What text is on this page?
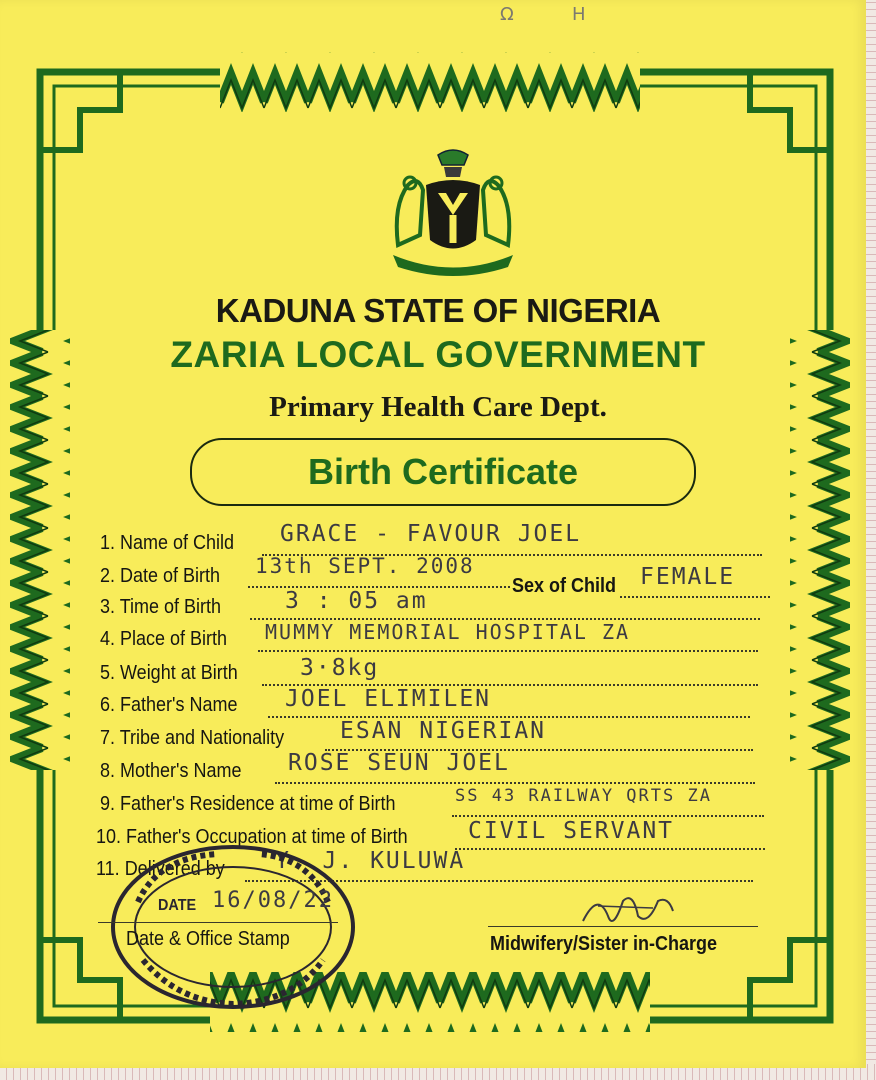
Ω	H
KADUNA STATE OF NIGERIA
ZARIA LOCAL GOVERNMENT
Primary Health Care Dept.
Birth Certificate
1. Name of Child GRACE - FAVOUR JOEL
2. Date of Birth 13th SEPT. 2008
Sex of Child FEMALE
3. Time of Birth	3 : 05 am
4. Place of Birth MUMMY MEMORIAL HOSPITAL ZA
5. Weight at Birth	3·8kg
6. Father's Name JOEL ELIMILEN
7. Tribe and Nationality ESAN NIGERIAN
8. Mother's Name ROSE SEUN JOEL
9. Father's Residence at time of Birth	SS 43 RAILWAY QRTS ZA
10. Father's Occupation at time of Birth	CIVIL SERVANT
11. Delivered by Y. J. KULUWA
DATE 16/08/22
Date & Office Stamp	Midwifery/Sister in-Charge
